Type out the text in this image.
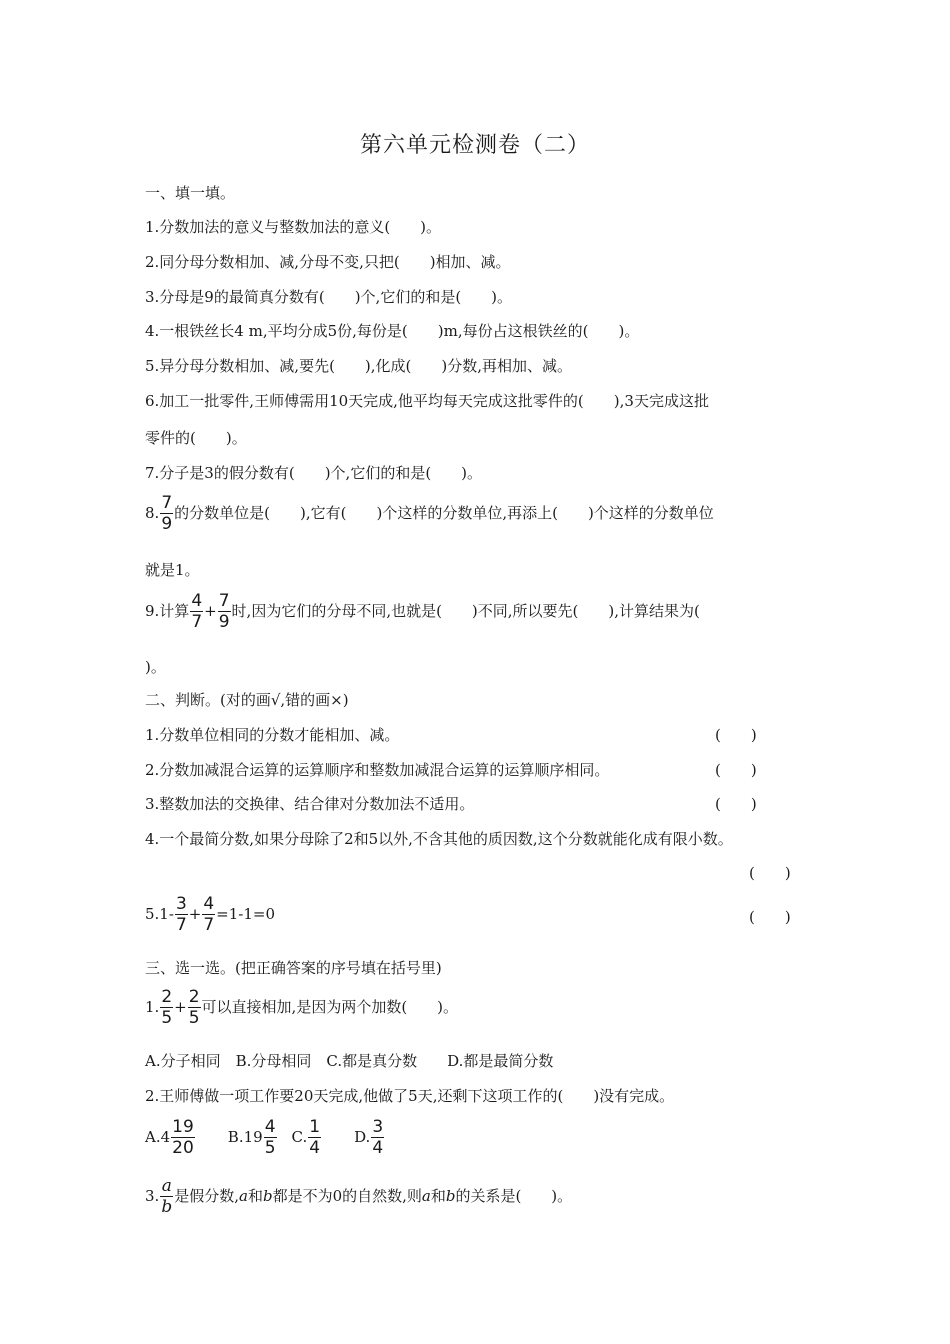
第六单元检测卷（二）
一、填一填。
1.分数加法的意义与整数加法的意义(　　)。
2.同分母分数相加、减,分母不变,只把(　　)相加、减。
3.分母是9的最简真分数有(　　)个,它们的和是(　　)。
4.一根铁丝长4 m,平均分成5份,每份是(　　)m,每份占这根铁丝的(　　)。
5.异分母分数相加、减,要先(　　),化成(　　)分数,再相加、减。
6.加工一批零件,王师傅需用10天完成,他平均每天完成这批零件的(　　),3天完成这批
零件的(　　)。
7.分子是3的假分数有(　　)个,它们的和是(　　)。
8. $\frac{7}{9}$ 的分数单位是(　　),它有(　　)个这样的分数单位,再添上(　　)个这样的分数单位
就是1。
9.计算 $\frac{4}{7} + \frac{7}{9}$ 时,因为它们的分母不同,也就是(　　)不同,所以要先(　　),计算结果为(
)。
二、判断。(对的画√,错的画×)
1.分数单位相同的分数才能相加、减。	(　　)
2.分数加减混合运算的运算顺序和整数加减混合运算的运算顺序相同。	(　　)
3.整数加法的交换律、结合律对分数加法不适用。	(　　)
4.一个最简分数,如果分母除了2和5以外,不含其他的质因数,这个分数就能化成有限小数。
(　　)
$5.1- \frac{3}{7} + \frac{4}{7} =1-1=0$	(　　)
三、选一选。(把正确答案的序号填在括号里)
1. $\frac{2}{5} + \frac{2}{5}$ 可以直接相加,是因为两个加数(　　)。
A.分子相同　B.分母相同　C.都是真分数　　D.都是最简分数
2.王师傅做一项工作要20天完成,他做了5天,还剩下这项工作的(　　)没有完成。
$A.4 \frac{19}{20} B.19 \frac{4}{5} C$. $\frac{1}{4} D$. $\frac{3}{4}$
3. $\frac{a}{b}$ 是假分数,a和b都是不为0的自然数,则a和b的关系是(　　)。
